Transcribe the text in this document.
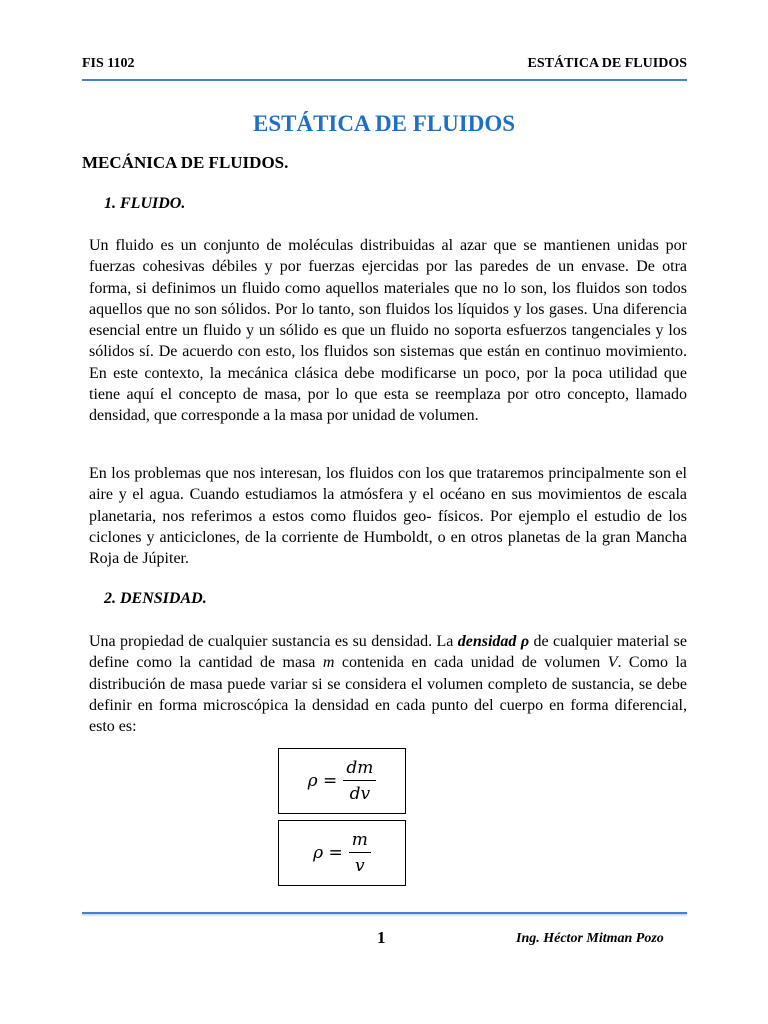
FIS 1102	ESTÁTICA DE FLUIDOS
ESTÁTICA DE FLUIDOS
MECÁNICA DE FLUIDOS.
1. FLUIDO.

Un fluido es un conjunto de moléculas distribuidas al azar que se mantienen unidas por fuerzas cohesivas débiles y por fuerzas ejercidas por las paredes de un envase. De otra forma, si definimos un fluido como aquellos materiales que no lo son, los fluidos son todos aquellos que no son sólidos. Por lo tanto, son fluidos los líquidos y los gases. Una diferencia esencial entre un fluido y un sólido es que un fluido no soporta esfuerzos tangenciales y los sólidos sí. De acuerdo con esto, los fluidos son sistemas que están en continuo movimiento. En este contexto, la mecánica clásica debe modificarse un poco, por la poca utilidad que tiene aquí el concepto de masa, por lo que esta se reemplaza por otro concepto, llamado densidad, que corresponde a la masa por unidad de volumen.

En los problemas que nos interesan, los fluidos con los que trataremos principalmente son el aire y el agua. Cuando estudiamos la atmósfera y el océano en sus movimientos de escala planetaria, nos referimos a estos como fluidos geo- físicos. Por ejemplo el estudio de los ciclones y anticiclones, de la corriente de Humboldt, o en otros planetas de la gran Mancha Roja de Júpiter.

2. DENSIDAD.

Una propiedad de cualquier sustancia es su densidad. La densidad ρ de cualquier material se define como la cantidad de masa m contenida en cada unidad de volumen V. Como la distribución de masa puede variar si se considera el volumen completo de sustancia, se debe definir en forma microscópica la densidad en cada punto del cuerpo en forma diferencial, esto es:

$\rho = \frac{dm}{dv}$
$\rho = \frac{m}{v}$
1	Ing. Héctor Mitman Pozo
